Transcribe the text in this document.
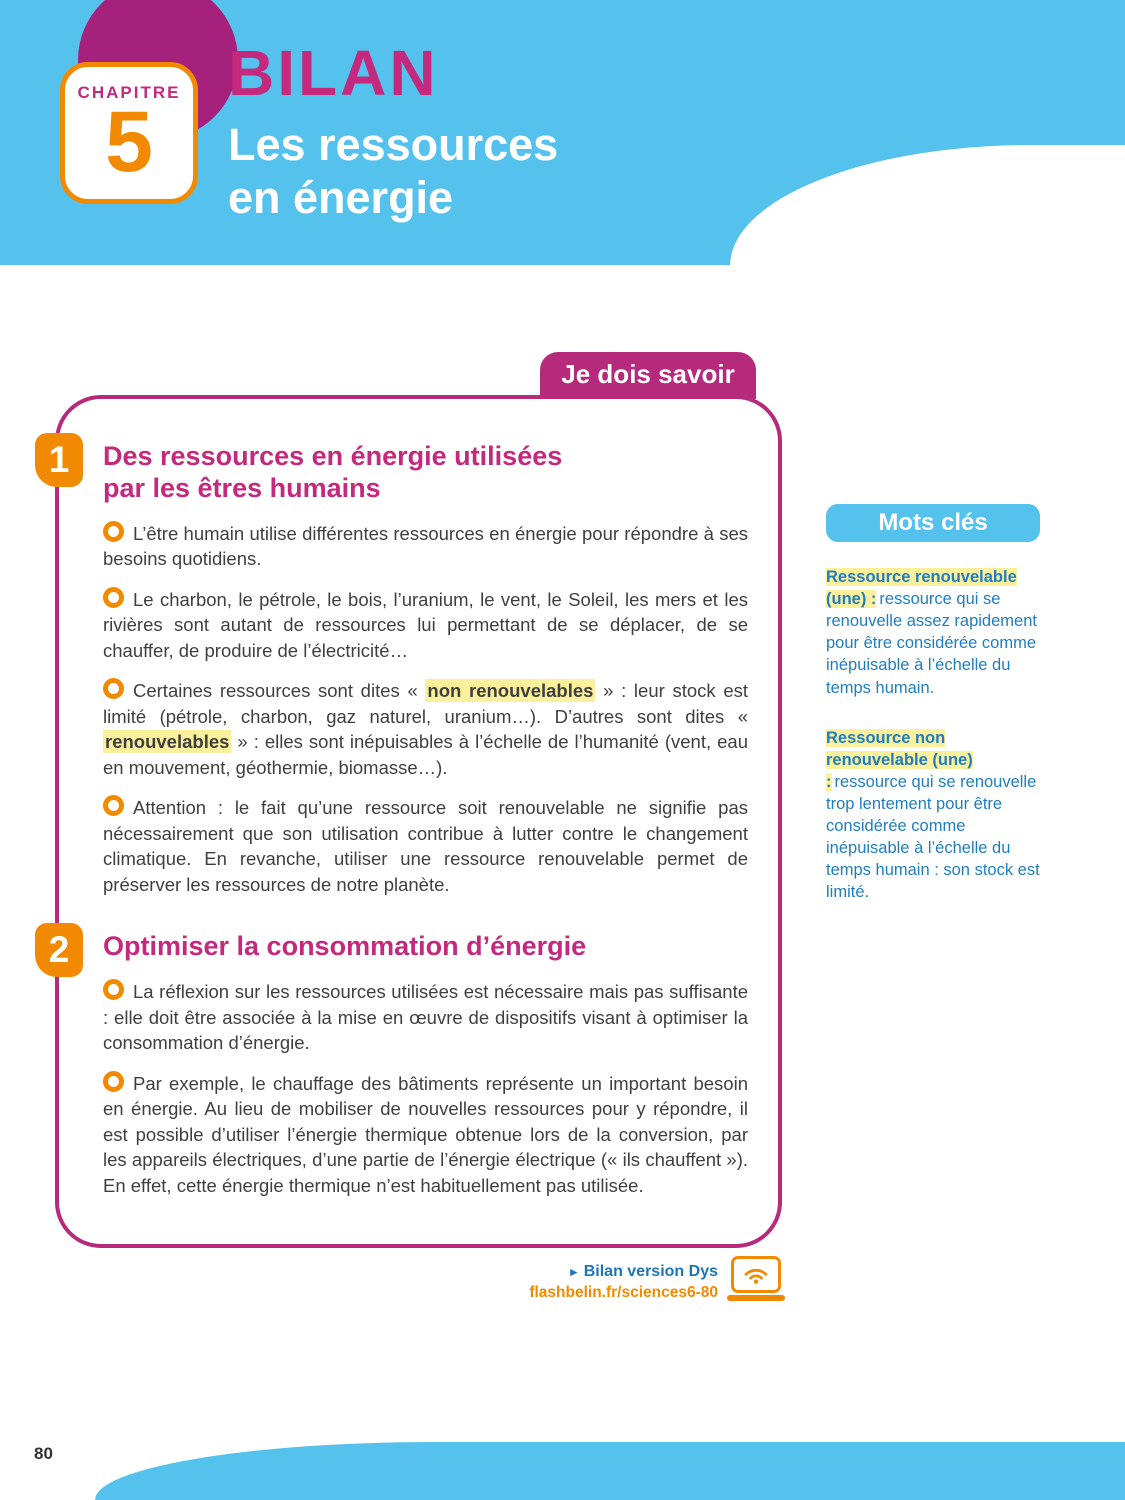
CHAPITRE
5
BILAN
Les ressources
en énergie
Je dois savoir
1	Des ressources en énergie utilisées
par les êtres humains

L’être humain utilise différentes ressources en énergie pour répondre à ses besoins quotidiens.

Le charbon, le pétrole, le bois, l’uranium, le vent, le Soleil, les mers et les rivières sont autant de ressources lui permettant de se déplacer, de se chauffer, de produire de l’électricité…

Certaines ressources sont dites « non renouvelables » : leur stock est limité (pétrole, charbon, gaz naturel, uranium…). D’autres sont dites « renouvelables » : elles sont inépuisables à l’échelle de l’humanité (vent, eau en mouvement, géothermie, biomasse…).

Attention : le fait qu’une ressource soit renouvelable ne signifie pas nécessairement que son utilisation contribue à lutter contre le changement climatique. En revanche, utiliser une ressource renouvelable permet de préserver les ressources de notre planète.

2	Optimiser la consommation d’énergie

La réflexion sur les ressources utilisées est nécessaire mais pas suffisante : elle doit être associée à la mise en œuvre de dispositifs visant à optimiser la consommation d’énergie.

Par exemple, le chauffage des bâtiments représente un important besoin en énergie. Au lieu de mobiliser de nouvelles ressources pour y répondre, il est possible d’utiliser l’énergie thermique obtenue lors de la conversion, par les appareils électriques, d’une partie de l’énergie électrique (« ils chauffent »). En effet, cette énergie thermique n’est habituellement pas utilisée.

Mots clés

Ressource renouvelable (une) : ressource qui se renouvelle assez rapidement pour être considérée comme inépuisable à l’échelle du temps humain.

Ressource non renouvelable (une) : ressource qui se renouvelle trop lentement pour être considérée comme inépuisable à l’échelle du temps humain : son stock est limité.

► Bilan version Dys
flashbelin.fr/sciences6-80
80
